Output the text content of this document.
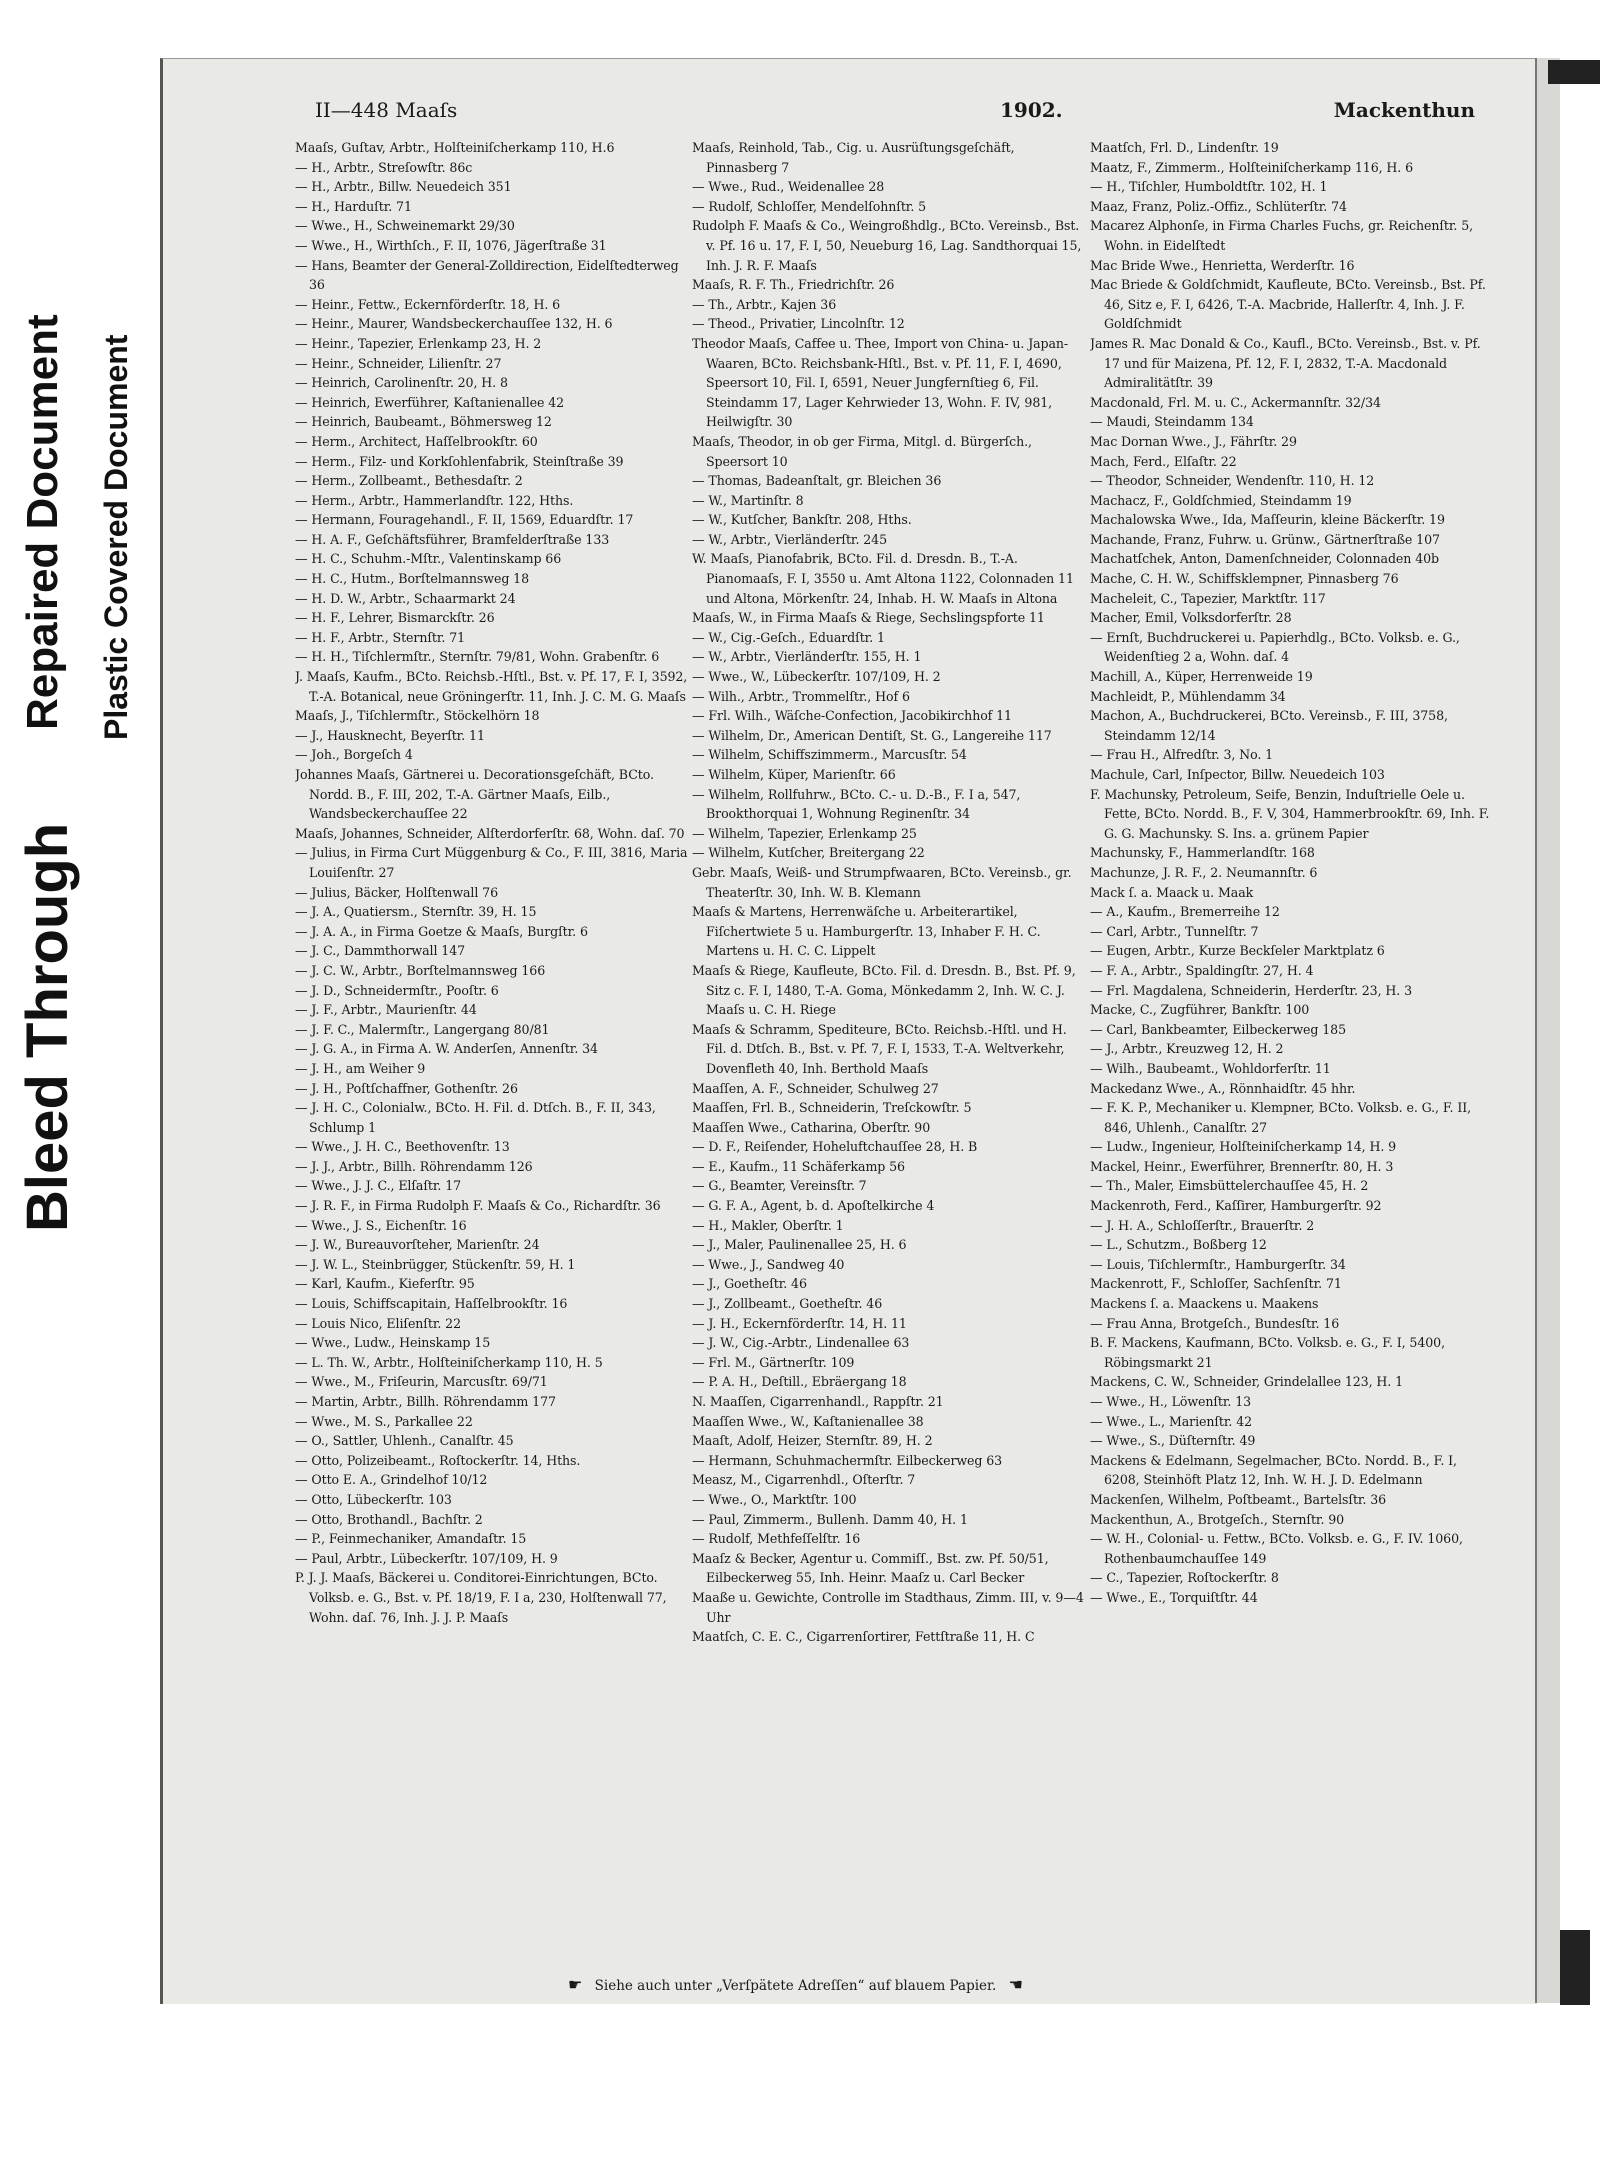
Bleed Through
Repaired Document Plastic Covered Document
II—448 Maaſs	1902.	Mackenthun
Maaſs, Guſtav, Arbtr., Holſteiniſcherkamp 110, H.6
— H., Arbtr., Streſowſtr. 86c
— H., Arbtr., Billw. Neuedeich 351
— H., Harduſtr. 71
— Wwe., H., Schweinemarkt 29/30
— Wwe., H., Wirthſch., F. II, 1076, Jägerſtraße 31
— Hans, Beamter der General-Zolldirection, Eidelſtedterweg 36
— Heinr., Fettw., Eckernförderſtr. 18, H. 6
— Heinr., Maurer, Wandsbeckerchauſſee 132, H. 6
— Heinr., Tapezier, Erlenkamp 23, H. 2
— Heinr., Schneider, Lilienſtr. 27
— Heinrich, Carolinenſtr. 20, H. 8
— Heinrich, Ewerführer, Kaſtanienallee 42
— Heinrich, Baubeamt., Böhmersweg 12
— Herm., Architect, Haſſelbrookſtr. 60
— Herm., Filz- und Korkſohlenfabrik, Steinſtraße 39
— Herm., Zollbeamt., Bethesdaſtr. 2
— Herm., Arbtr., Hammerlandſtr. 122, Hths.
— Hermann, Fouragehandl., F. II, 1569, Eduardſtr. 17
— H. A. F., Geſchäftsführer, Bramfelderſtraße 133
— H. C., Schuhm.-Mſtr., Valentinskamp 66
— H. C., Hutm., Borſtelmannsweg 18
— H. D. W., Arbtr., Schaarmarkt 24
— H. F., Lehrer, Bismarckſtr. 26
— H. F., Arbtr., Sternſtr. 71
— H. H., Tiſchlermſtr., Sternſtr. 79/81, Wohn. Grabenſtr. 6
J. Maaſs, Kaufm., BCto. Reichsb.-Hſtl., Bst. v. Pf. 17, F. I, 3592, T.-A. Botanical, neue Gröningerſtr. 11, Inh. J. C. M. G. Maaſs
Maaſs, J., Tiſchlermſtr., Stöckelhörn 18
— J., Hausknecht, Beyerſtr. 11
— Joh., Borgeſch 4
Johannes Maaſs, Gärtnerei u. Decorationsgeſchäft, BCto. Nordd. B., F. III, 202, T.-A. Gärtner Maaſs, Eilb., Wandsbeckerchauſſee 22
Maaſs, Johannes, Schneider, Alſterdorferſtr. 68, Wohn. daſ. 70
— Julius, in Firma Curt Müggenburg & Co., F. III, 3816, Maria Louiſenſtr. 27
— Julius, Bäcker, Holſtenwall 76
— J. A., Quatiersm., Sternſtr. 39, H. 15
— J. A. A., in Firma Goetze & Maaſs, Burgſtr. 6
— J. C., Dammthorwall 147
— J. C. W., Arbtr., Borſtelmannsweg 166
— J. D., Schneidermſtr., Pooſtr. 6
— J. F., Arbtr., Maurienſtr. 44
— J. F. C., Malermſtr., Langergang 80/81
— J. G. A., in Firma A. W. Anderſen, Annenſtr. 34
— J. H., am Weiher 9
— J. H., Poſtſchaffner, Gothenſtr. 26
— J. H. C., Colonialw., BCto. H. Fil. d. Dtſch. B., F. II, 343, Schlump 1
— Wwe., J. H. C., Beethovenſtr. 13
— J. J., Arbtr., Billh. Röhrendamm 126
— Wwe., J. J. C., Elſaſtr. 17
— J. R. F., in Firma Rudolph F. Maaſs & Co., Richardſtr. 36
— Wwe., J. S., Eichenſtr. 16
— J. W., Bureauvorſteher, Marienſtr. 24
— J. W. L., Steinbrügger, Stückenſtr. 59, H. 1
— Karl, Kaufm., Kieferſtr. 95
— Louis, Schiffscapitain, Haſſelbrookſtr. 16
— Louis Nico, Eliſenſtr. 22
— Wwe., Ludw., Heinskamp 15
— L. Th. W., Arbtr., Holſteiniſcherkamp 110, H. 5
— Wwe., M., Friſeurin, Marcusſtr. 69/71
— Martin, Arbtr., Billh. Röhrendamm 177
— Wwe., M. S., Parkallee 22
— O., Sattler, Uhlenh., Canalſtr. 45
— Otto, Polizeibeamt., Roſtockerſtr. 14, Hths.
— Otto E. A., Grindelhof 10/12
— Otto, Lübeckerſtr. 103
— Otto, Brothandl., Bachſtr. 2
— P., Feinmechaniker, Amandaſtr. 15
— Paul, Arbtr., Lübeckerſtr. 107/109, H. 9
P. J. J. Maaſs, Bäckerei u. Conditorei-Einrichtungen, BCto. Volksb. e. G., Bst. v. Pf. 18/19, F. I a, 230, Holſtenwall 77, Wohn. daſ. 76, Inh. J. J. P. Maaſs
Maaſs, Reinhold, Tab., Cig. u. Ausrüſtungsgeſchäft, Pinnasberg 7
— Wwe., Rud., Weidenallee 28
— Rudolf, Schloſſer, Mendelſohnſtr. 5
Rudolph F. Maaſs & Co., Weingroßhdlg., BCto. Vereinsb., Bst. v. Pf. 16 u. 17, F. I, 50, Neueburg 16, Lag. Sandthorquai 15, Inh. J. R. F. Maaſs
Maaſs, R. F. Th., Friedrichſtr. 26
— Th., Arbtr., Kajen 36
— Theod., Privatier, Lincolnſtr. 12
Theodor Maaſs, Caffee u. Thee, Import von China- u. Japan-Waaren, BCto. Reichsbank-Hſtl., Bst. v. Pf. 11, F. I, 4690, Speersort 10, Fil. I, 6591, Neuer Jungfernſtieg 6, Fil. Steindamm 17, Lager Kehrwieder 13, Wohn. F. IV, 981, Heilwigſtr. 30
Maaſs, Theodor, in ob ger Firma, Mitgl. d. Bürgerſch., Speersort 10
— Thomas, Badeanſtalt, gr. Bleichen 36
— W., Martinſtr. 8
— W., Kutſcher, Bankſtr. 208, Hths.
— W., Arbtr., Vierländerſtr. 245
W. Maaſs, Pianofabrik, BCto. Fil. d. Dresdn. B., T.-A. Pianomaaſs, F. I, 3550 u. Amt Altona 1122, Colonnaden 11 und Altona, Mörkenſtr. 24, Inhab. H. W. Maaſs in Altona
Maaſs, W., in Firma Maaſs & Riege, Sechslingspforte 11
— W., Cig.-Geſch., Eduardſtr. 1
— W., Arbtr., Vierländerſtr. 155, H. 1
— Wwe., W., Lübeckerſtr. 107/109, H. 2
— Wilh., Arbtr., Trommelſtr., Hof 6
— Frl. Wilh., Wäſche-Confection, Jacobikirchhof 11
— Wilhelm, Dr., American Dentiſt, St. G., Langereihe 117
— Wilhelm, Schiffszimmerm., Marcusſtr. 54
— Wilhelm, Küper, Marienſtr. 66
— Wilhelm, Rollfuhrw., BCto. C.- u. D.-B., F. I a, 547, Brookthorquai 1, Wohnung Reginenſtr. 34
— Wilhelm, Tapezier, Erlenkamp 25
— Wilhelm, Kutſcher, Breitergang 22
Gebr. Maaſs, Weiß- und Strumpfwaaren, BCto. Vereinsb., gr. Theaterſtr. 30, Inh. W. B. Klemann
Maaſs & Martens, Herrenwäſche u. Arbeiterartikel, Fiſchertwiete 5 u. Hamburgerſtr. 13, Inhaber F. H. C. Martens u. H. C. C. Lippelt
Maaſs & Riege, Kaufleute, BCto. Fil. d. Dresdn. B., Bst. Pf. 9, Sitz c. F. I, 1480, T.-A. Goma, Mönkedamm 2, Inh. W. C. J. Maaſs u. C. H. Riege
Maaſs & Schramm, Spediteure, BCto. Reichsb.-Hſtl. und H. Fil. d. Dtſch. B., Bst. v. Pf. 7, F. I, 1533, T.-A. Weltverkehr, Dovenfleth 40, Inh. Berthold Maaſs
Maaſſen, A. F., Schneider, Schulweg 27
Maaſſen, Frl. B., Schneiderin, Treſckowſtr. 5
Maaſſen Wwe., Catharina, Oberſtr. 90
— D. F., Reiſender, Hoheluftchauſſee 28, H. B
— E., Kaufm., 11 Schäferkamp 56
— G., Beamter, Vereinsſtr. 7
— G. F. A., Agent, b. d. Apoſtelkirche 4
— H., Makler, Oberſtr. 1
— J., Maler, Paulinenallee 25, H. 6
— Wwe., J., Sandweg 40
— J., Goetheſtr. 46
— J., Zollbeamt., Goetheſtr. 46
— J. H., Eckernförderſtr. 14, H. 11
— J. W., Cig.-Arbtr., Lindenallee 63
— Frl. M., Gärtnerſtr. 109
— P. A. H., Deſtill., Ebräergang 18
N. Maaſſen, Cigarrenhandl., Rappſtr. 21
Maaſſen Wwe., W., Kaſtanienallee 38
Maaſt, Adolf, Heizer, Sternſtr. 89, H. 2
— Hermann, Schuhmachermſtr. Eilbeckerweg 63
Measz, M., Cigarrenhdl., Oſterſtr. 7
— Wwe., O., Marktſtr. 100
— Paul, Zimmerm., Bullenh. Damm 40, H. 1
— Rudolf, Methfeſſelſtr. 16
Maaſz & Becker, Agentur u. Commiſſ., Bst. zw. Pf. 50/51, Eilbeckerweg 55, Inh. Heinr. Maaſz u. Carl Becker
Maaße u. Gewichte, Controlle im Stadthaus, Zimm. III, v. 9—4 Uhr
Maatſch, C. E. C., Cigarrenſortirer, Fettſtraße 11, H. C
Maatſch, Frl. D., Lindenſtr. 19
Maatz, F., Zimmerm., Holſteiniſcherkamp 116, H. 6
— H., Tiſchler, Humboldtſtr. 102, H. 1
Maaz, Franz, Poliz.-Offiz., Schlüterſtr. 74
Macarez Alphonſe, in Firma Charles Fuchs, gr. Reichenſtr. 5, Wohn. in Eidelſtedt
Mac Bride Wwe., Henrietta, Werderſtr. 16
Mac Briede & Goldſchmidt, Kaufleute, BCto. Vereinsb., Bst. Pf. 46, Sitz e, F. I, 6426, T.-A. Macbride, Hallerſtr. 4, Inh. J. F. Goldſchmidt
James R. Mac Donald & Co., Kaufl., BCto. Vereinsb., Bst. v. Pf. 17 und für Maizena, Pf. 12, F. I, 2832, T.-A. Macdonald Admiralitätſtr. 39
Macdonald, Frl. M. u. C., Ackermannſtr. 32/34
— Maudi, Steindamm 134
Mac Dornan Wwe., J., Fährſtr. 29
Mach, Ferd., Elſaſtr. 22
— Theodor, Schneider, Wendenſtr. 110, H. 12
Machacz, F., Goldſchmied, Steindamm 19
Machalowska Wwe., Ida, Maſſeurin, kleine Bäckerſtr. 19
Machande, Franz, Fuhrw. u. Grünw., Gärtnerſtraße 107
Machatſchek, Anton, Damenſchneider, Colonnaden 40b
Mache, C. H. W., Schiffsklempner, Pinnasberg 76
Macheleit, C., Tapezier, Marktſtr. 117
Macher, Emil, Volksdorferſtr. 28
— Ernſt, Buchdruckerei u. Papierhdlg., BCto. Volksb. e. G., Weidenſtieg 2 a, Wohn. daſ. 4
Machill, A., Küper, Herrenweide 19
Machleidt, P., Mühlendamm 34
Machon, A., Buchdruckerei, BCto. Vereinsb., F. III, 3758, Steindamm 12/14
— Frau H., Alfredſtr. 3, No. 1
Machule, Carl, Inſpector, Billw. Neuedeich 103
F. Machunsky, Petroleum, Seife, Benzin, Induſtrielle Oele u. Fette, BCto. Nordd. B., F. V, 304, Hammerbrookſtr. 69, Inh. F. G. G. Machunsky. S. Ins. a. grünem Papier
Machunsky, F., Hammerlandſtr. 168
Machunze, J. R. F., 2. Neumannſtr. 6
Mack ſ. a. Maack u. Maak
— A., Kaufm., Bremerreihe 12
— Carl, Arbtr., Tunnelſtr. 7
— Eugen, Arbtr., Kurze Beckſeler Marktplatz 6
— F. A., Arbtr., Spaldingſtr. 27, H. 4
— Frl. Magdalena, Schneiderin, Herderſtr. 23, H. 3
Macke, C., Zugführer, Bankſtr. 100
— Carl, Bankbeamter, Eilbeckerweg 185
— J., Arbtr., Kreuzweg 12, H. 2
— Wilh., Baubeamt., Wohldorferſtr. 11
Mackedanz Wwe., A., Rönnhaidſtr. 45 hhr.
— F. K. P., Mechaniker u. Klempner, BCto. Volksb. e. G., F. II, 846, Uhlenh., Canalſtr. 27
— Ludw., Ingenieur, Holſteiniſcherkamp 14, H. 9
Mackel, Heinr., Ewerführer, Brennerſtr. 80, H. 3
— Th., Maler, Eimsbüttelerchauſſee 45, H. 2
Mackenroth, Ferd., Kaſſirer, Hamburgerſtr. 92
— J. H. A., Schloſſerſtr., Brauerſtr. 2
— L., Schutzm., Boßberg 12
— Louis, Tiſchlermſtr., Hamburgerſtr. 34
Mackenrott, F., Schloſſer, Sachſenſtr. 71
Mackens ſ. a. Maackens u. Maakens
— Frau Anna, Brotgeſch., Bundesſtr. 16
B. F. Mackens, Kaufmann, BCto. Volksb. e. G., F. I, 5400, Röbingsmarkt 21
Mackens, C. W., Schneider, Grindelallee 123, H. 1
— Wwe., H., Löwenſtr. 13
— Wwe., L., Marienſtr. 42
— Wwe., S., Düſternſtr. 49
Mackens & Edelmann, Segelmacher, BCto. Nordd. B., F. I, 6208, Steinhöft Platz 12, Inh. W. H. J. D. Edelmann
Mackenſen, Wilhelm, Poſtbeamt., Bartelsſtr. 36
Mackenthun, A., Brotgeſch., Sternſtr. 90
— W. H., Colonial- u. Fettw., BCto. Volksb. e. G., F. IV. 1060, Rothenbaumchauſſee 149
— C., Tapezier, Roſtockerſtr. 8
— Wwe., E., Torquiſtſtr. 44
☛ Siehe auch unter „Verſpätete Adreſſen“ auf blauem Papier. ☚
